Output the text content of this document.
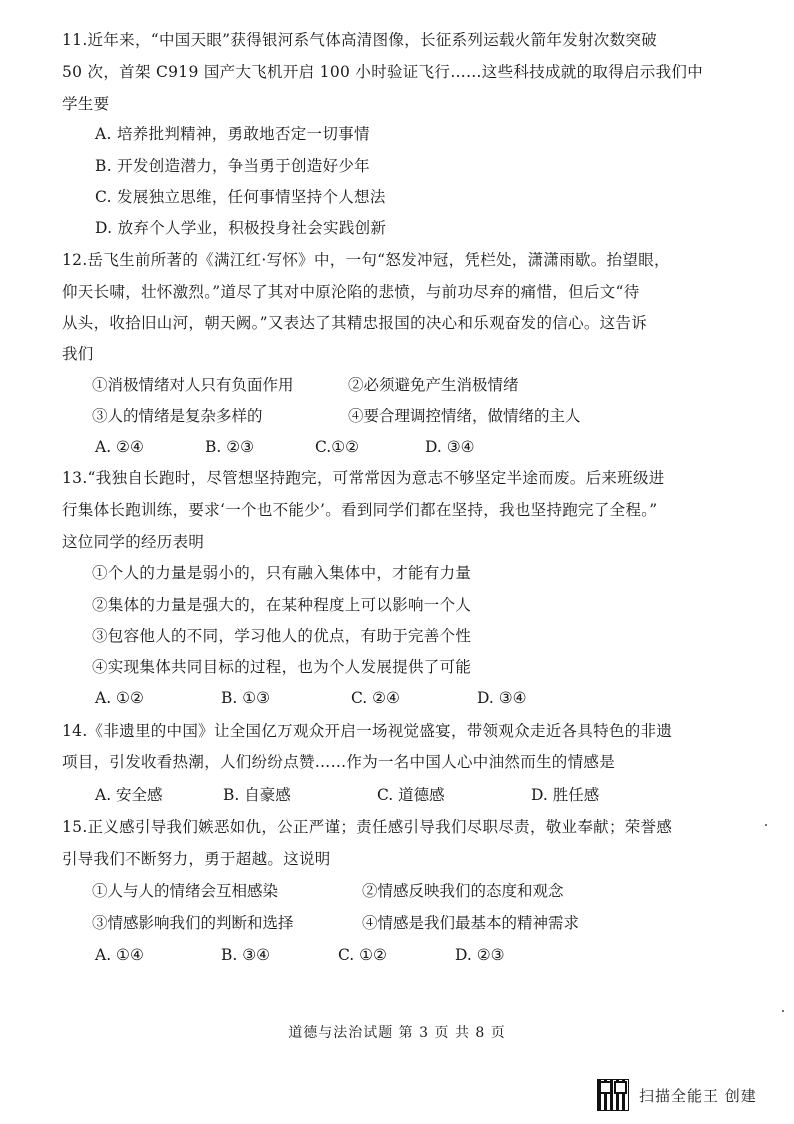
11.近年来，“中国天眼”获得银河系气体高清图像，长征系列运载火箭年发射次数突破
50 次，首架 C919 国产大飞机开启 100 小时验证飞行……这些科技成就的取得启示我们中
学生要
A. 培养批判精神，勇敢地否定一切事情
B. 开发创造潜力，争当勇于创造好少年
C. 发展独立思维，任何事情坚持个人想法
D. 放弃个人学业，积极投身社会实践创新
12.岳飞生前所著的《满江红·写怀》中，一句“怒发冲冠，凭栏处，潇潇雨歇。抬望眼，
仰天长啸，壮怀激烈。”道尽了其对中原沦陷的悲愤，与前功尽弃的痛惜，但后文“待
从头，收拾旧山河，朝天阙。”又表达了其精忠报国的决心和乐观奋发的信心。这告诉
我们
①消极情绪对人只有负面作用	②必须避免产生消极情绪
③人的情绪是复杂多样的	④要合理调控情绪，做情绪的主人
A. ②④	B. ②③	C.①②	D. ③④
13.“我独自长跑时，尽管想坚持跑完，可常常因为意志不够坚定半途而废。后来班级进
行集体长跑训练，要求‘一个也不能少’。看到同学们都在坚持，我也坚持跑完了全程。”
这位同学的经历表明
①个人的力量是弱小的，只有融入集体中，才能有力量
②集体的力量是强大的，在某种程度上可以影响一个人
③包容他人的不同，学习他人的优点，有助于完善个性
④实现集体共同目标的过程，也为个人发展提供了可能
A. ①②	B. ①③	C. ②④	D. ③④
14.《非遗里的中国》让全国亿万观众开启一场视觉盛宴，带领观众走近各具特色的非遗
项目，引发收看热潮，人们纷纷点赞……作为一名中国人心中油然而生的情感是
A. 安全感	B. 自豪感	C. 道德感	D. 胜任感
15.正义感引导我们嫉恶如仇，公正严谨；责任感引导我们尽职尽责，敬业奉献；荣誉感
引导我们不断努力，勇于超越。这说明
①人与人的情绪会互相感染	②情感反映我们的态度和观念
③情感影响我们的判断和选择	④情感是我们最基本的精神需求
A. ①④	B. ③④	C. ①②	D. ②③
道德与法治试题 第 3 页 共 8 页
扫描全能王 创建
